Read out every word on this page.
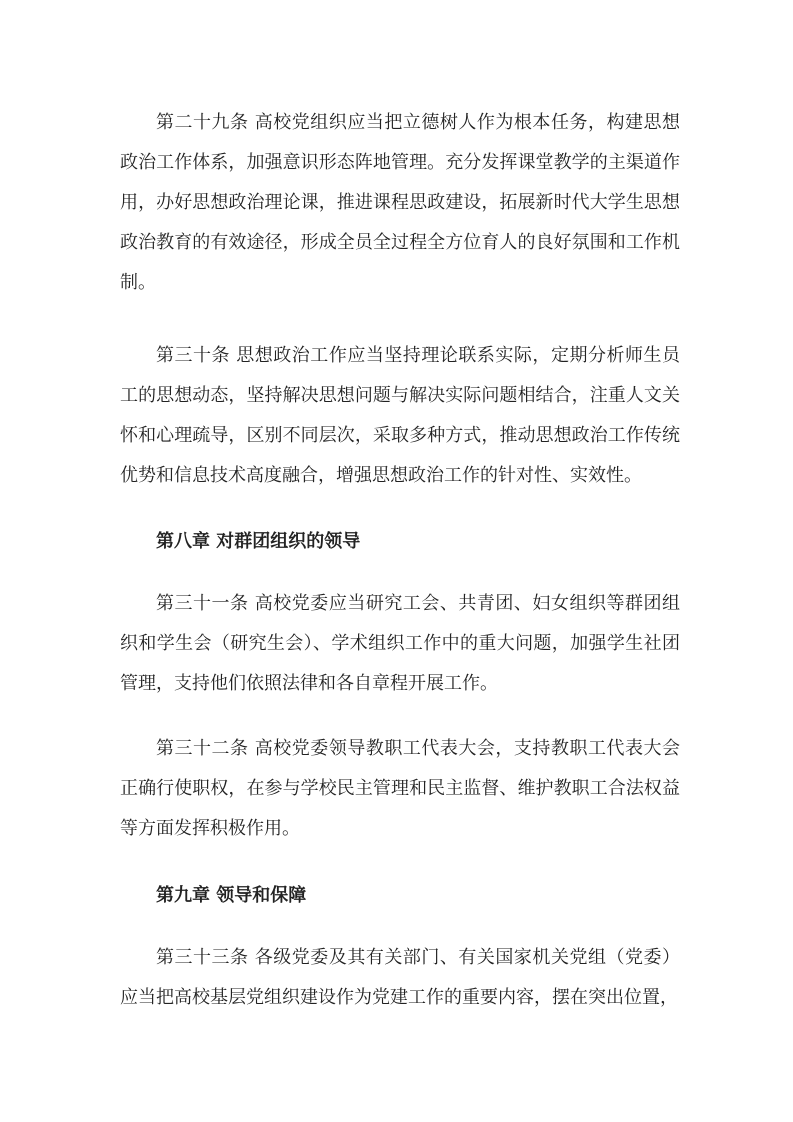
第二十九条 高校党组织应当把立德树人作为根本任务，构建思想政治工作体系，加强意识形态阵地管理。充分发挥课堂教学的主渠道作用，办好思想政治理论课，推进课程思政建设，拓展新时代大学生思想政治教育的有效途径，形成全员全过程全方位育人的良好氛围和工作机制。

第三十条 思想政治工作应当坚持理论联系实际，定期分析师生员工的思想动态，坚持解决思想问题与解决实际问题相结合，注重人文关怀和心理疏导，区别不同层次，采取多种方式，推动思想政治工作传统优势和信息技术高度融合，增强思想政治工作的针对性、实效性。

第八章 对群团组织的领导

第三十一条 高校党委应当研究工会、共青团、妇女组织等群团组织和学生会（研究生会）、学术组织工作中的重大问题，加强学生社团管理，支持他们依照法律和各自章程开展工作。

第三十二条 高校党委领导教职工代表大会，支持教职工代表大会正确行使职权，在参与学校民主管理和民主监督、维护教职工合法权益等方面发挥积极作用。

第九章 领导和保障

第三十三条 各级党委及其有关部门、有关国家机关党组（党委）应当把高校基层党组织建设作为党建工作的重要内容，摆在突出位置，
